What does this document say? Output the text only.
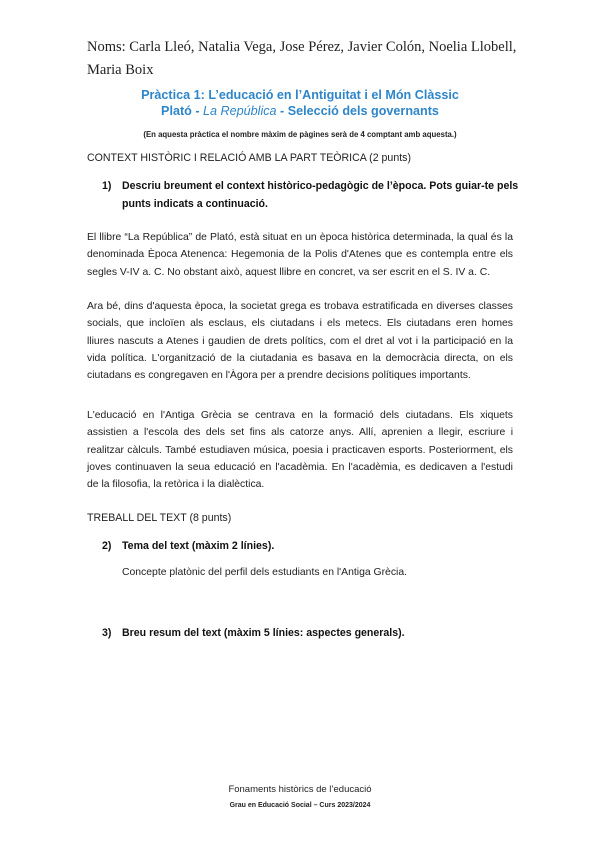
Noms: Carla Lleó, Natalia Vega, Jose Pérez, Javier Colón, Noelia Llobell, Maria Boix
Pràctica 1: L’educació en l’Antiguitat i el Món Clàssic
Plató - La República - Selecció dels governants
(En aquesta pràctica el nombre màxim de pàgines serà de 4 comptant amb aquesta.)
CONTEXT HISTÒRIC I RELACIÓ AMB LA PART TEÒRICA (2 punts)
1) Descriu breument el context històrico-pedagògic de l’època. Pots guiar-te pels punts indicats a continuació.
El llibre “La República” de Plató, està situat en un època històrica determinada, la qual és la denominada Època Atenenca: Hegemonia de la Polis d'Atenes que es contempla entre els segles V-IV a. C. No obstant això, aquest llibre en concret, va ser escrit en el S. IV a. C.
Ara bé, dins d'aquesta època, la societat grega es trobava estratificada en diverses classes socials, que incloïen als esclaus, els ciutadans i els metecs. Els ciutadans eren homes lliures nascuts a Atenes i gaudien de drets polítics, com el dret al vot i la participació en la vida política. L'organització de la ciutadania es basava en la democràcia directa, on els ciutadans es congregaven en l'Àgora per a prendre decisions polítiques importants.
L'educació en l'Antiga Grècia se centrava en la formació dels ciutadans. Els xiquets assistien a l'escola des dels set fins als catorze anys. Allí, aprenien a llegir, escriure i realitzar càlculs. També estudiaven música, poesia i practicaven esports. Posteriorment, els joves continuaven la seua educació en l'acadèmia. En l'acadèmia, es dedicaven a l'estudi de la filosofia, la retòrica i la dialèctica.
TREBALL DEL TEXT (8 punts)
2) Tema del text (màxim 2 línies).
Concepte platònic del perfil dels estudiants en l'Antiga Grècia.
3) Breu resum del text (màxim 5 línies: aspectes generals).
Fonaments històrics de l’educació
Grau en Educació Social – Curs 2023/2024
